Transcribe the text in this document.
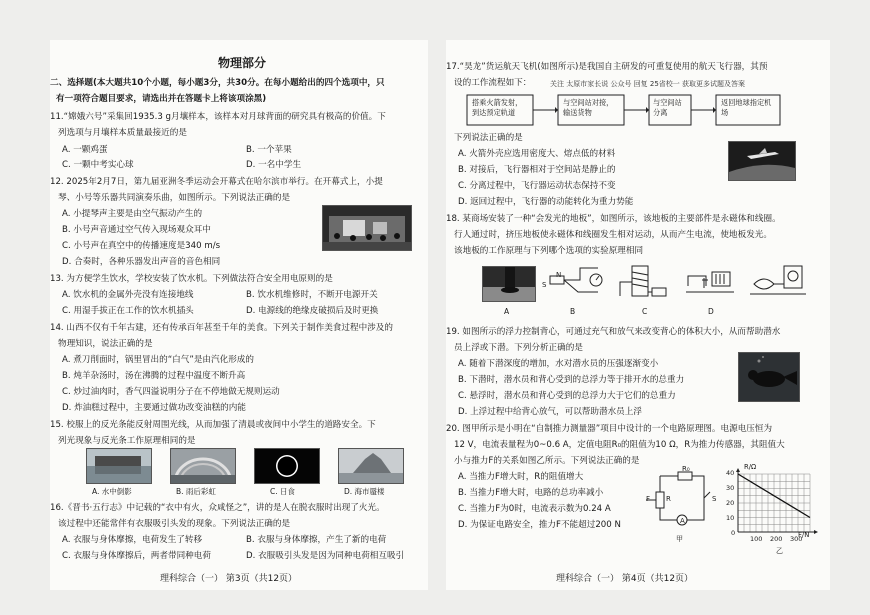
物理部分
二、选择题(本大题共10个小题，每小题3分，共30分。在每小题给出的四个选项中，只
有一项符合题目要求，请选出并在答题卡上将该项涂黑)
11.“嫦娥六号”采集回1935.3 g月壤样本，该样本对月球背面的研究具有极高的价值。下
列选项与月壤样本质量最接近的是
A. 一颗鸡蛋	B. 一个苹果
C. 一颗中考实心球	D. 一名中学生
12. 2025年2月7日，第九届亚洲冬季运动会开幕式在哈尔滨市举行。在开幕式上，小提
琴、小号等乐器共同演奏乐曲，如图所示。下列说法正确的是
A. 小提琴声主要是由空气振动产生的
B. 小号声音通过空气传入现场观众耳中
C. 小号声在真空中的传播速度是340 m/s
D. 合奏时，各种乐器发出声音的音色相同
13. 为方便学生饮水，学校安装了饮水机。下列做法符合安全用电原则的是
A. 饮水机的金属外壳没有连接地线	B. 饮水机维修时，不断开电源开关
C. 用湿手拔正在工作的饮水机插头	D. 电源线的绝缘皮破损后及时更换
14. 山西不仅有千年古建，还有传承百年甚至千年的美食。下列关于制作美食过程中涉及的
物理知识，说法正确的是
A. 煮刀削面时，锅里冒出的“白气”是由汽化形成的
B. 炖羊杂汤时，汤在沸腾的过程中温度不断升高
C. 炒过油肉时，香气四溢说明分子在不停地做无规则运动
D. 炸油糕过程中，主要通过做功改变油糕的内能
15. 校服上的反光条能反射周围光线，从而加强了清晨或夜间中小学生的道路安全。下
列光现象与反光条工作原理相同的是
A. 水中倒影	B. 雨后彩虹	C. 日食	D. 海市蜃楼
16.《晋书·五行志》中记载的“衣中有火，众咸怪之”，讲的是人在脱衣服时出现了火光。
该过程中还能常伴有衣服吸引头发的现象。下列说法正确的是
A. 衣服与身体摩擦，电荷发生了转移	B. 衣服与身体摩擦，产生了新的电荷
C. 衣服与身体摩擦后，两者带同种电荷	D. 衣服吸引头发是因为同种电荷相互吸引
理科综合（一） 第3页（共12页）
17.“昊龙”货运航天飞机(如图所示)是我国自主研发的可重复使用的航天飞行器，其预
设的工作流程如下：	关注 太原市家长说 公众号 回复 25省校一 获取更多试题及答案
搭乘火箭发射，到达预定轨道
与空间站对接，输送货物
与空间站分离
返回地球指定机场
下列说法正确的是
A. 火箭外壳应选用密度大、熔点低的材料
B. 对接后，飞行器相对于空间站是静止的
C. 分离过程中，飞行器运动状态保持不变
D. 返回过程中，飞行器的动能转化为重力势能
18. 某商场安装了一种“会发光的地板”，如图所示，该地板的主要部件是永磁体和线圈。
行人通过时，挤压地板使永磁体和线圈发生相对运动，从而产生电流，使地板发光。
该地板的工作原理与下列哪个选项的实验原理相同
S
N
A	B	C	D
19. 如图所示的浮力控制背心，可通过充气和放气来改变背心的体积大小，从而帮助潜水
员上浮或下潜。下列分析正确的是
A. 随着下潜深度的增加，水对潜水员的压强逐渐变小
B. 下潜时，潜水员和背心受到的总浮力等于排开水的总重力
C. 悬浮时，潜水员和背心受到的总浮力大于它们的总重力
D. 上浮过程中给背心放气，可以帮助潜水员上浮
20. 图甲所示是小明在“自制推力测量器”项目中设计的一个电路原理图。电源电压恒为
12 V，电流表量程为0~0.6 A，定值电阻R₀的阻值为10 Ω，R为推力传感器，其阻值大
小与推力F的关系如图乙所示。下列说法正确的是
A. 当推力F增大时，R的阻值增大
B. 当推力F增大时，电路的总功率减小
C. 当推力F为0时，电流表示数为0.24 A
D. 为保证电路安全，推力F不能超过200 N
F
R₀
R
A
S
甲
R/Ω
F/N
40
30
20
10
0
100 200 300
乙
理科综合（一） 第4页（共12页）
